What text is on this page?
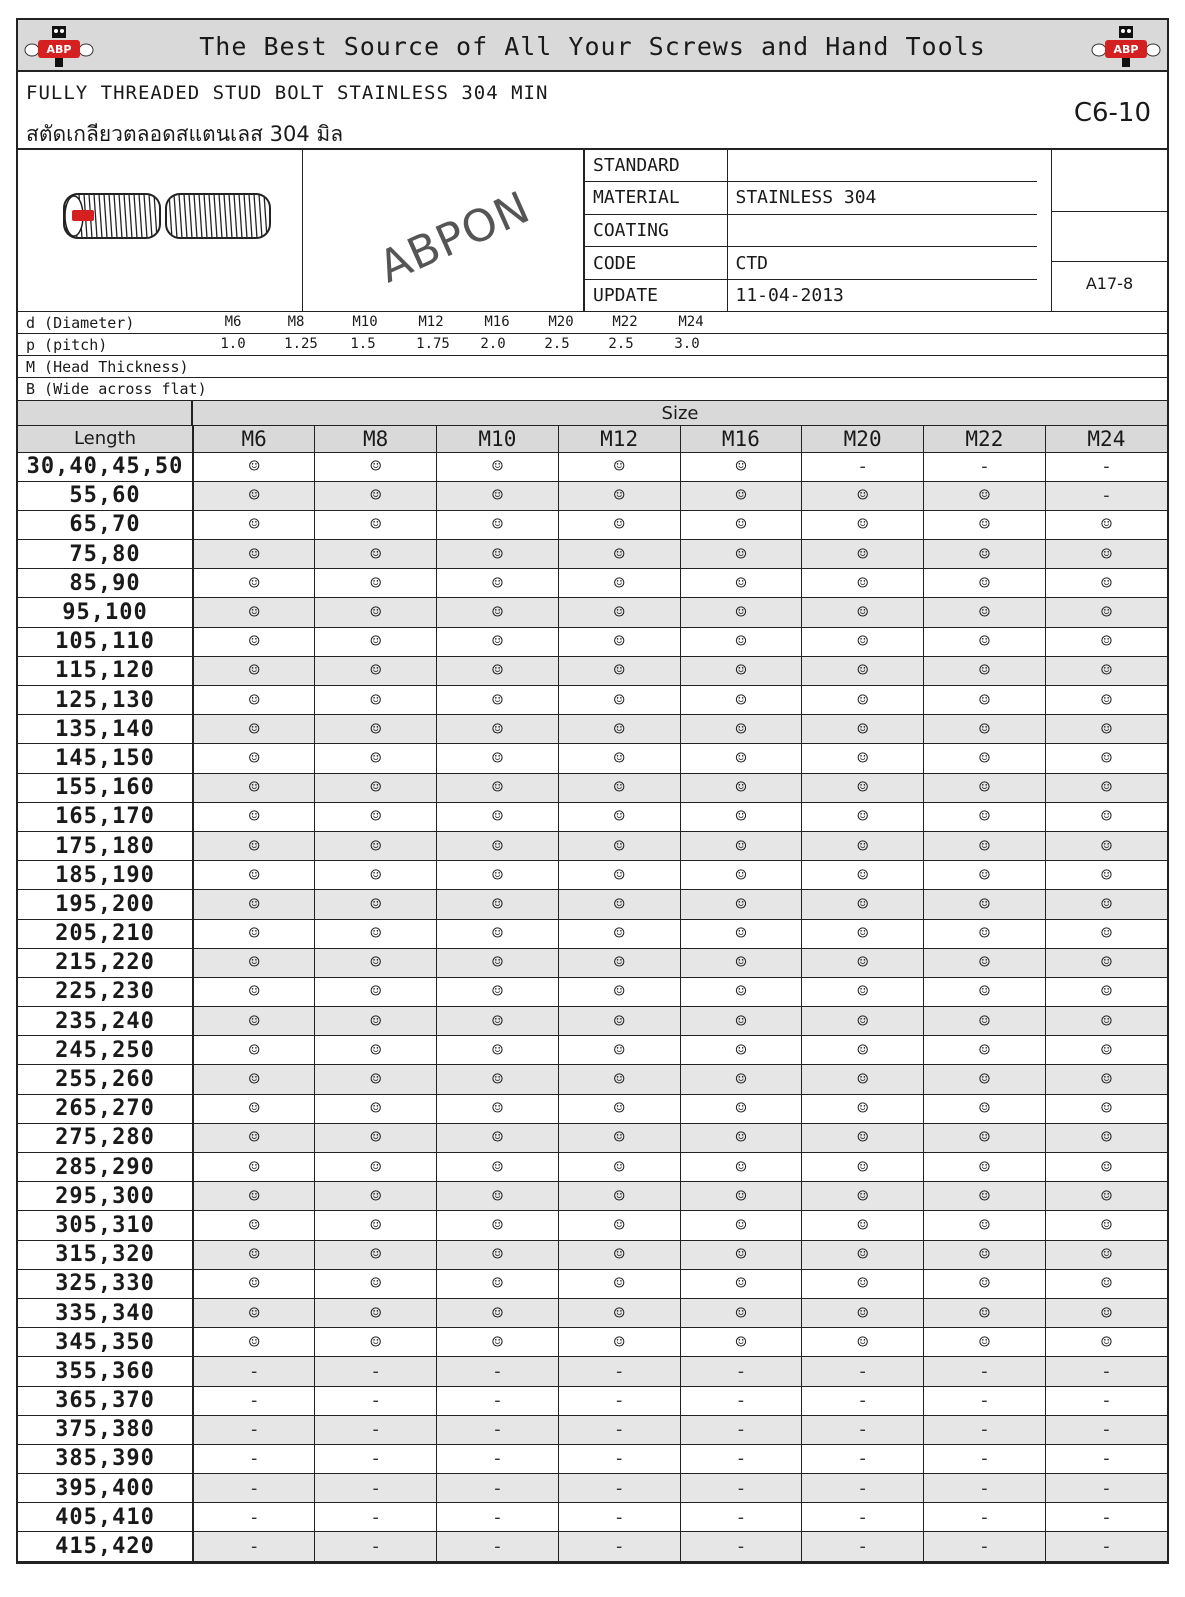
ABP	The Best Source of All Your Screws and Hand Tools	ABP
FULLY THREADED STUD BOLT STAINLESS 304 MIN
สตัดเกลียวตลอดสแตนเลส 304 มิล
C6-10
ABPON
STANDARD	
MATERIAL	STAINLESS 304
COATING	
CODE	CTD
UPDATE	11-04-2013
A17-8
d (Diameter)	M6	M8	M10	M12	M16	M20	M22	M24
p (pitch)	1.0	1.25	1.5	1.75	2.0	2.5	2.5	3.0
M (Head Thickness)
B (Wide across flat)
Size
Length	M6	M8	M10	M12	M16	M20	M22	M24
30,40,45,50	☺	☺	☺	☺	☺	-	-	-
55,60	☺	☺	☺	☺	☺	☺	☺	-
65,70	☺	☺	☺	☺	☺	☺	☺	☺
75,80	☺	☺	☺	☺	☺	☺	☺	☺
85,90	☺	☺	☺	☺	☺	☺	☺	☺
95,100	☺	☺	☺	☺	☺	☺	☺	☺
105,110	☺	☺	☺	☺	☺	☺	☺	☺
115,120	☺	☺	☺	☺	☺	☺	☺	☺
125,130	☺	☺	☺	☺	☺	☺	☺	☺
135,140	☺	☺	☺	☺	☺	☺	☺	☺
145,150	☺	☺	☺	☺	☺	☺	☺	☺
155,160	☺	☺	☺	☺	☺	☺	☺	☺
165,170	☺	☺	☺	☺	☺	☺	☺	☺
175,180	☺	☺	☺	☺	☺	☺	☺	☺
185,190	☺	☺	☺	☺	☺	☺	☺	☺
195,200	☺	☺	☺	☺	☺	☺	☺	☺
205,210	☺	☺	☺	☺	☺	☺	☺	☺
215,220	☺	☺	☺	☺	☺	☺	☺	☺
225,230	☺	☺	☺	☺	☺	☺	☺	☺
235,240	☺	☺	☺	☺	☺	☺	☺	☺
245,250	☺	☺	☺	☺	☺	☺	☺	☺
255,260	☺	☺	☺	☺	☺	☺	☺	☺
265,270	☺	☺	☺	☺	☺	☺	☺	☺
275,280	☺	☺	☺	☺	☺	☺	☺	☺
285,290	☺	☺	☺	☺	☺	☺	☺	☺
295,300	☺	☺	☺	☺	☺	☺	☺	☺
305,310	☺	☺	☺	☺	☺	☺	☺	☺
315,320	☺	☺	☺	☺	☺	☺	☺	☺
325,330	☺	☺	☺	☺	☺	☺	☺	☺
335,340	☺	☺	☺	☺	☺	☺	☺	☺
345,350	☺	☺	☺	☺	☺	☺	☺	☺
355,360	-	-	-	-	-	-	-	-
365,370	-	-	-	-	-	-	-	-
375,380	-	-	-	-	-	-	-	-
385,390	-	-	-	-	-	-	-	-
395,400	-	-	-	-	-	-	-	-
405,410	-	-	-	-	-	-	-	-
415,420	-	-	-	-	-	-	-	-
